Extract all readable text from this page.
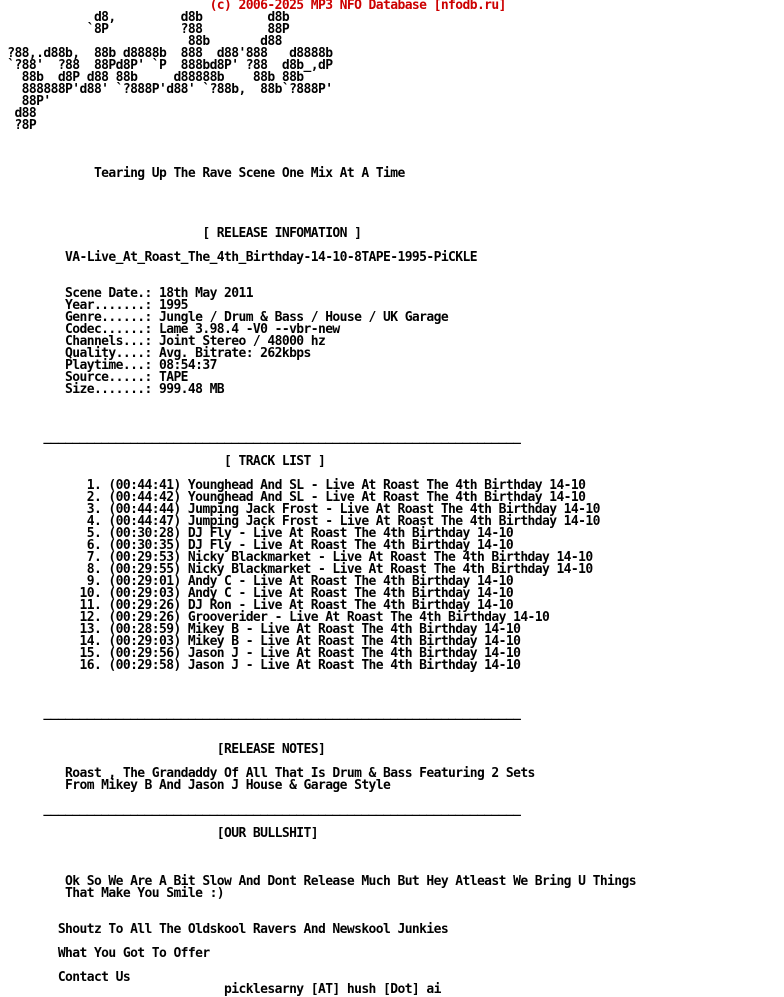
(c) 2006-2025 MP3 NFO Database [nfodb.ru]
d8,         d8b         d8b
`8P          ?88         88P
88b       d88
?88,.d88b,  88b d8888b  888  d88'888   d8888b
`?88'  ?88  88Pd8P' `P  888bd8P' ?88  d8b_,dP
88b  d8P d88 88b     d88888b    88b 88b
888888P'd88' `?888P'd88' `?88b,  88b`?888P'
88P'
d88
?8P

Tearing Up The Rave Scene One Mix At A Time

[ RELEASE INFOMATION ]

VA-Live_At_Roast_The_4th_Birthday-14-10-8TAPE-1995-PiCKLE

Scene Date.: 18th May 2011
Year.......: 1995
Genre......: Jungle / Drum & Bass / House / UK Garage
Codec......: Lame 3.98.4 -V0 --vbr-new
Channels...: Joint Stereo / 48000 hz
Quality....: Avg. Bitrate: 262kbps
Playtime...: 08:54:37
Source.....: TAPE
Size.......: 999.48 MB

__________________________________________________________________

[ TRACK LIST ]

1. (00:44:41) Younghead And SL - Live At Roast The 4th Birthday 14-10
2. (00:44:42) Younghead And SL - Live At Roast The 4th Birthday 14-10
3. (00:44:44) Jumping Jack Frost - Live At Roast The 4th Birthday 14-10
4. (00:44:47) Jumping Jack Frost - Live At Roast The 4th Birthday 14-10
5. (00:30:28) DJ Fly - Live At Roast The 4th Birthday 14-10
6. (00:30:35) DJ Fly - Live At Roast The 4th Birthday 14-10
7. (00:29:53) Nicky Blackmarket - Live At Roast The 4th Birthday 14-10
8. (00:29:55) Nicky Blackmarket - Live At Roast The 4th Birthday 14-10
9. (00:29:01) Andy C - Live At Roast The 4th Birthday 14-10
10. (00:29:03) Andy C - Live At Roast The 4th Birthday 14-10
11. (00:29:26) DJ Ron - Live At Roast The 4th Birthday 14-10
12. (00:29:26) Grooverider - Live At Roast The 4th Birthday 14-10
13. (00:28:59) Mikey B - Live At Roast The 4th Birthday 14-10
14. (00:29:03) Mikey B - Live At Roast The 4th Birthday 14-10
15. (00:29:56) Jason J - Live At Roast The 4th Birthday 14-10
16. (00:29:58) Jason J - Live At Roast The 4th Birthday 14-10

__________________________________________________________________

[RELEASE NOTES]

Roast , The Grandaddy Of All That Is Drum & Bass Featuring 2 Sets
From Mikey B And Jason J House & Garage Style

__________________________________________________________________

[OUR BULLSHIT]

Ok So We Are A Bit Slow And Dont Release Much But Hey Atleast We Bring U Things
That Make You Smile :)

Shoutz To All The Oldskool Ravers And Newskool Junkies

What You Got To Offer

Contact Us
picklesarny [AT] hush [Dot] ai
